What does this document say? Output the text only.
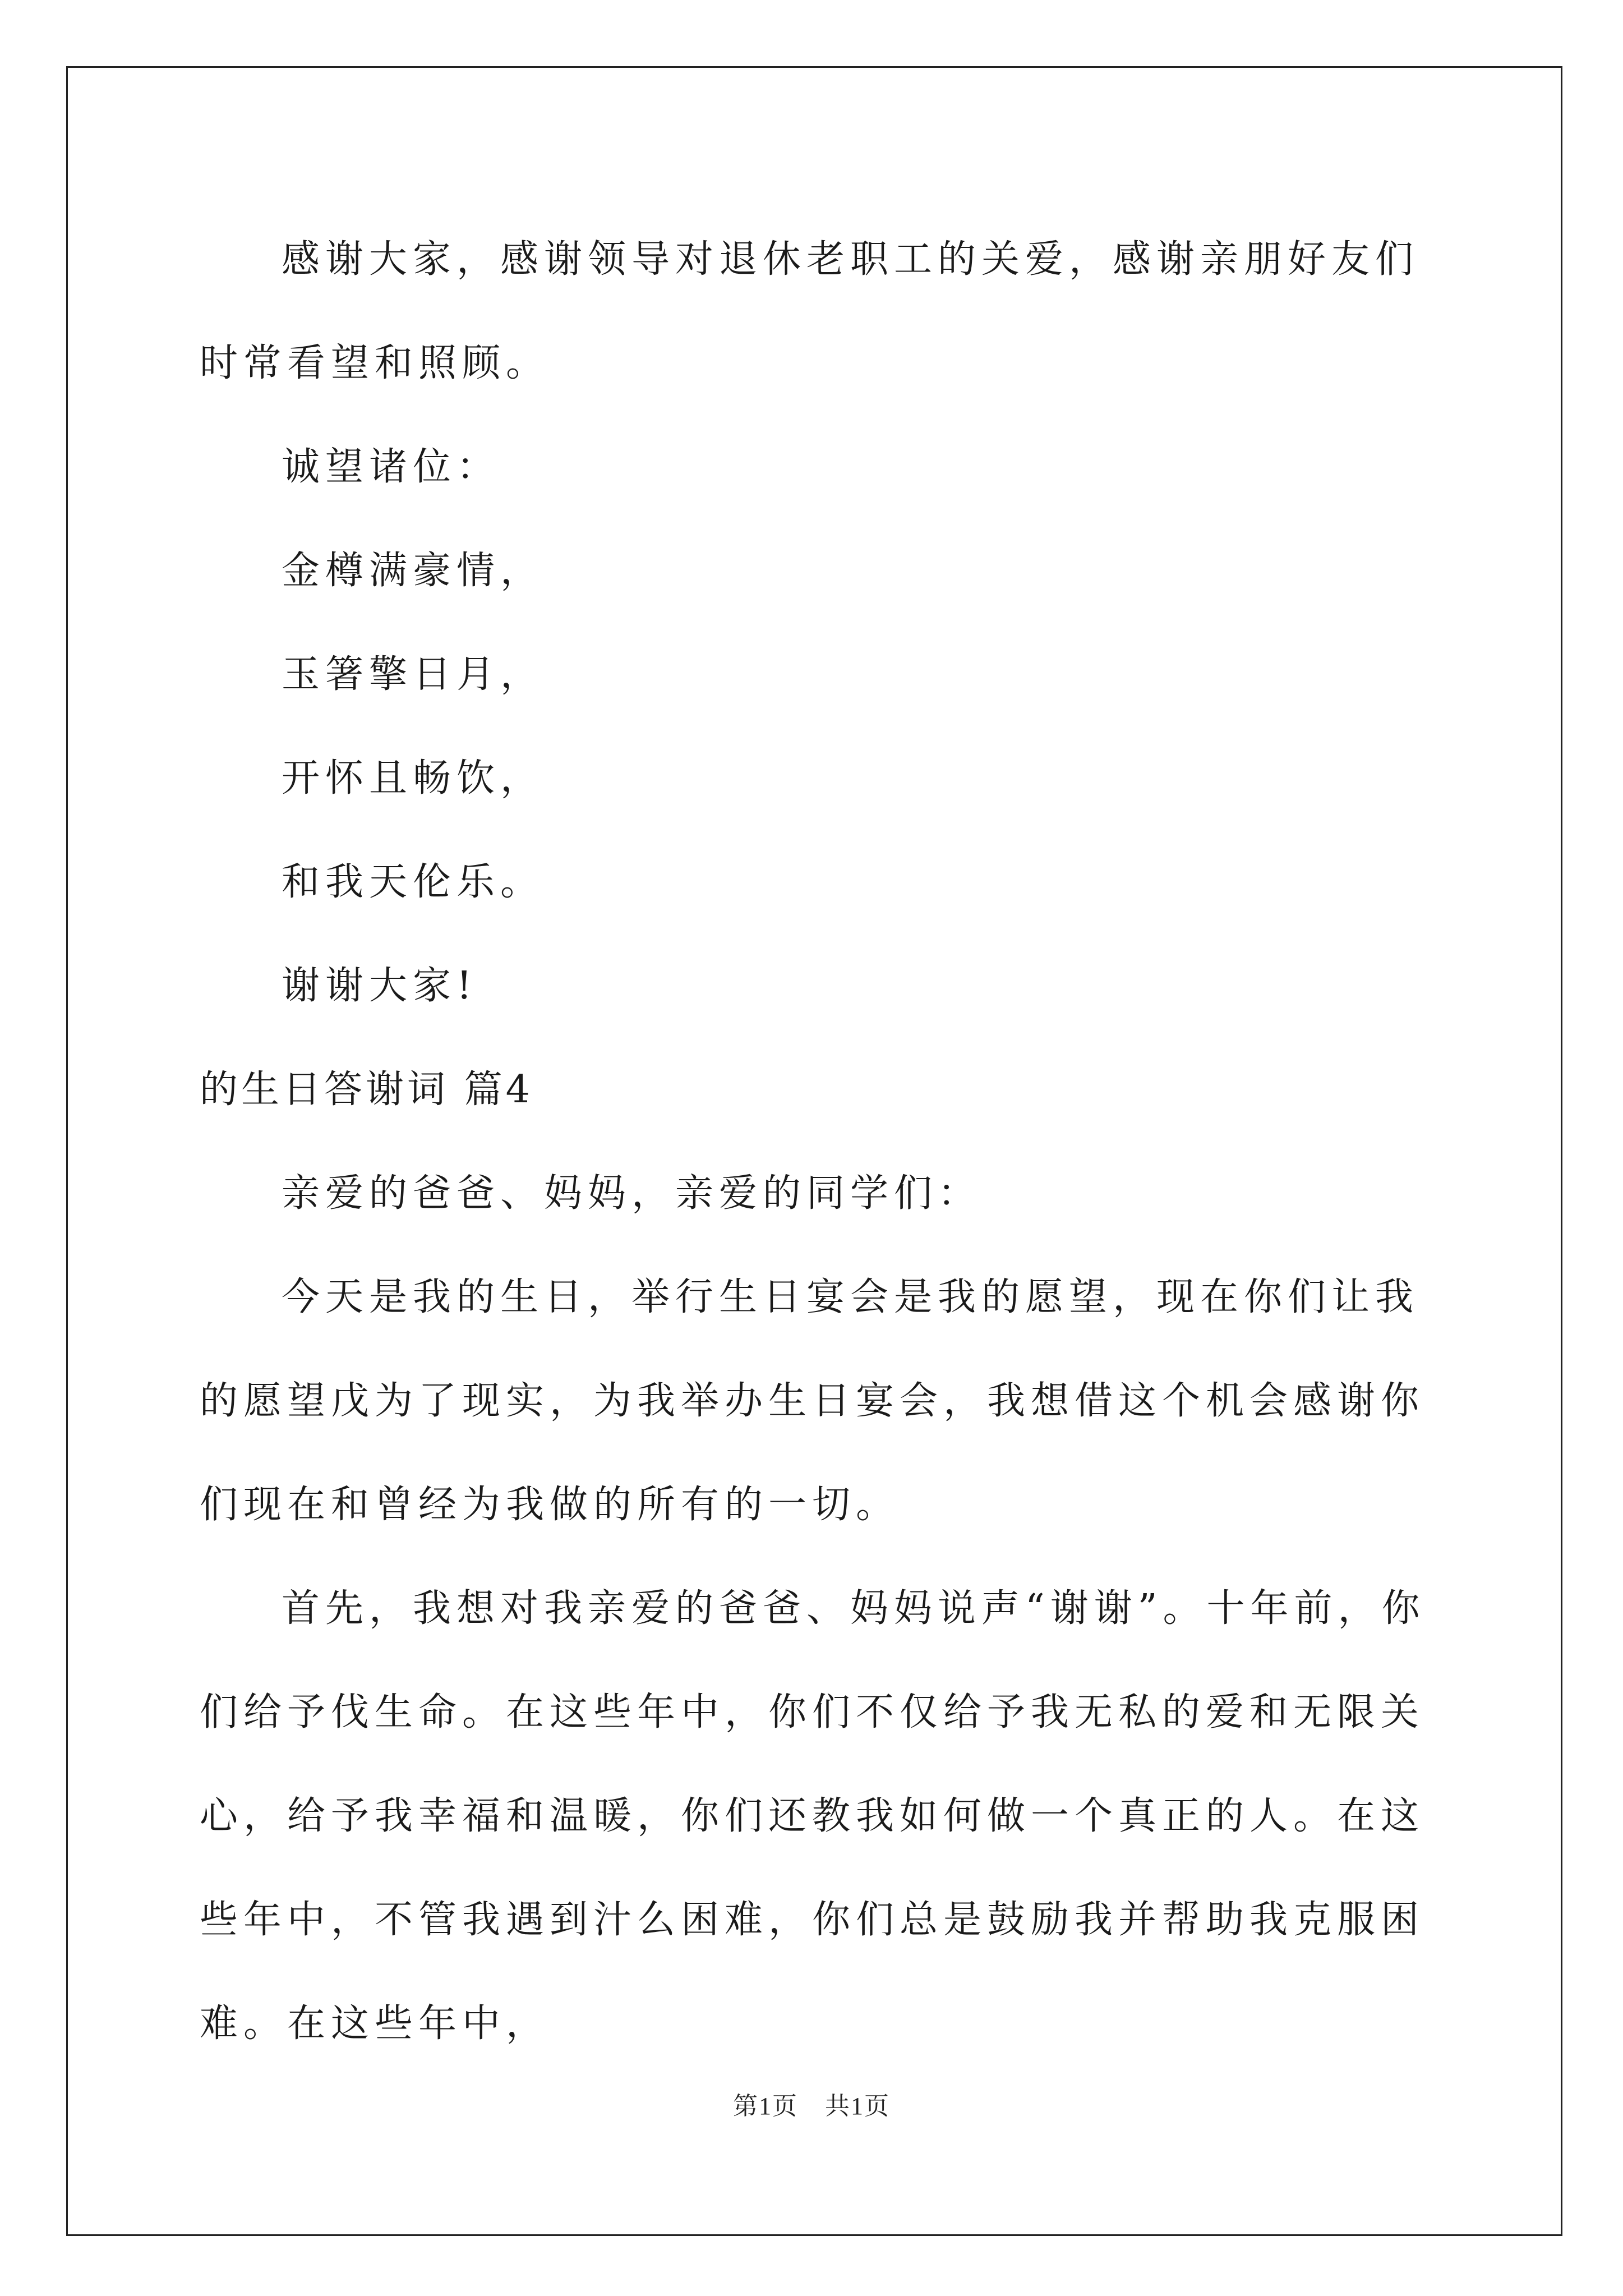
感谢大家，感谢领导对退休老职工的关爱，感谢亲朋好友们时常看望和照顾。

诚望诸位：

金樽满豪情，

玉箸擎日月，

开怀且畅饮，

和我天伦乐。

谢谢大家!

的生日答谢词 篇4

亲爱的爸爸、妈妈，亲爱的同学们：

今天是我的生日，举行生日宴会是我的愿望，现在你们让我的愿望戊为了现实，为我举办生日宴会，我想借这个机会感谢你们现在和曾经为我做的所有的一切。

首先，我想对我亲爱的爸爸、妈妈说声“谢谢”。十年前，你们给予伐生命。在这些年中，你们不仅给予我无私的爱和无限关心，给予我幸福和温暖，你们还教我如何做一个真正的人。在这些年中，不管我遇到汁么困难，你们总是鼓励我并帮助我克服困难。在这些年中，

第1页 共1页
